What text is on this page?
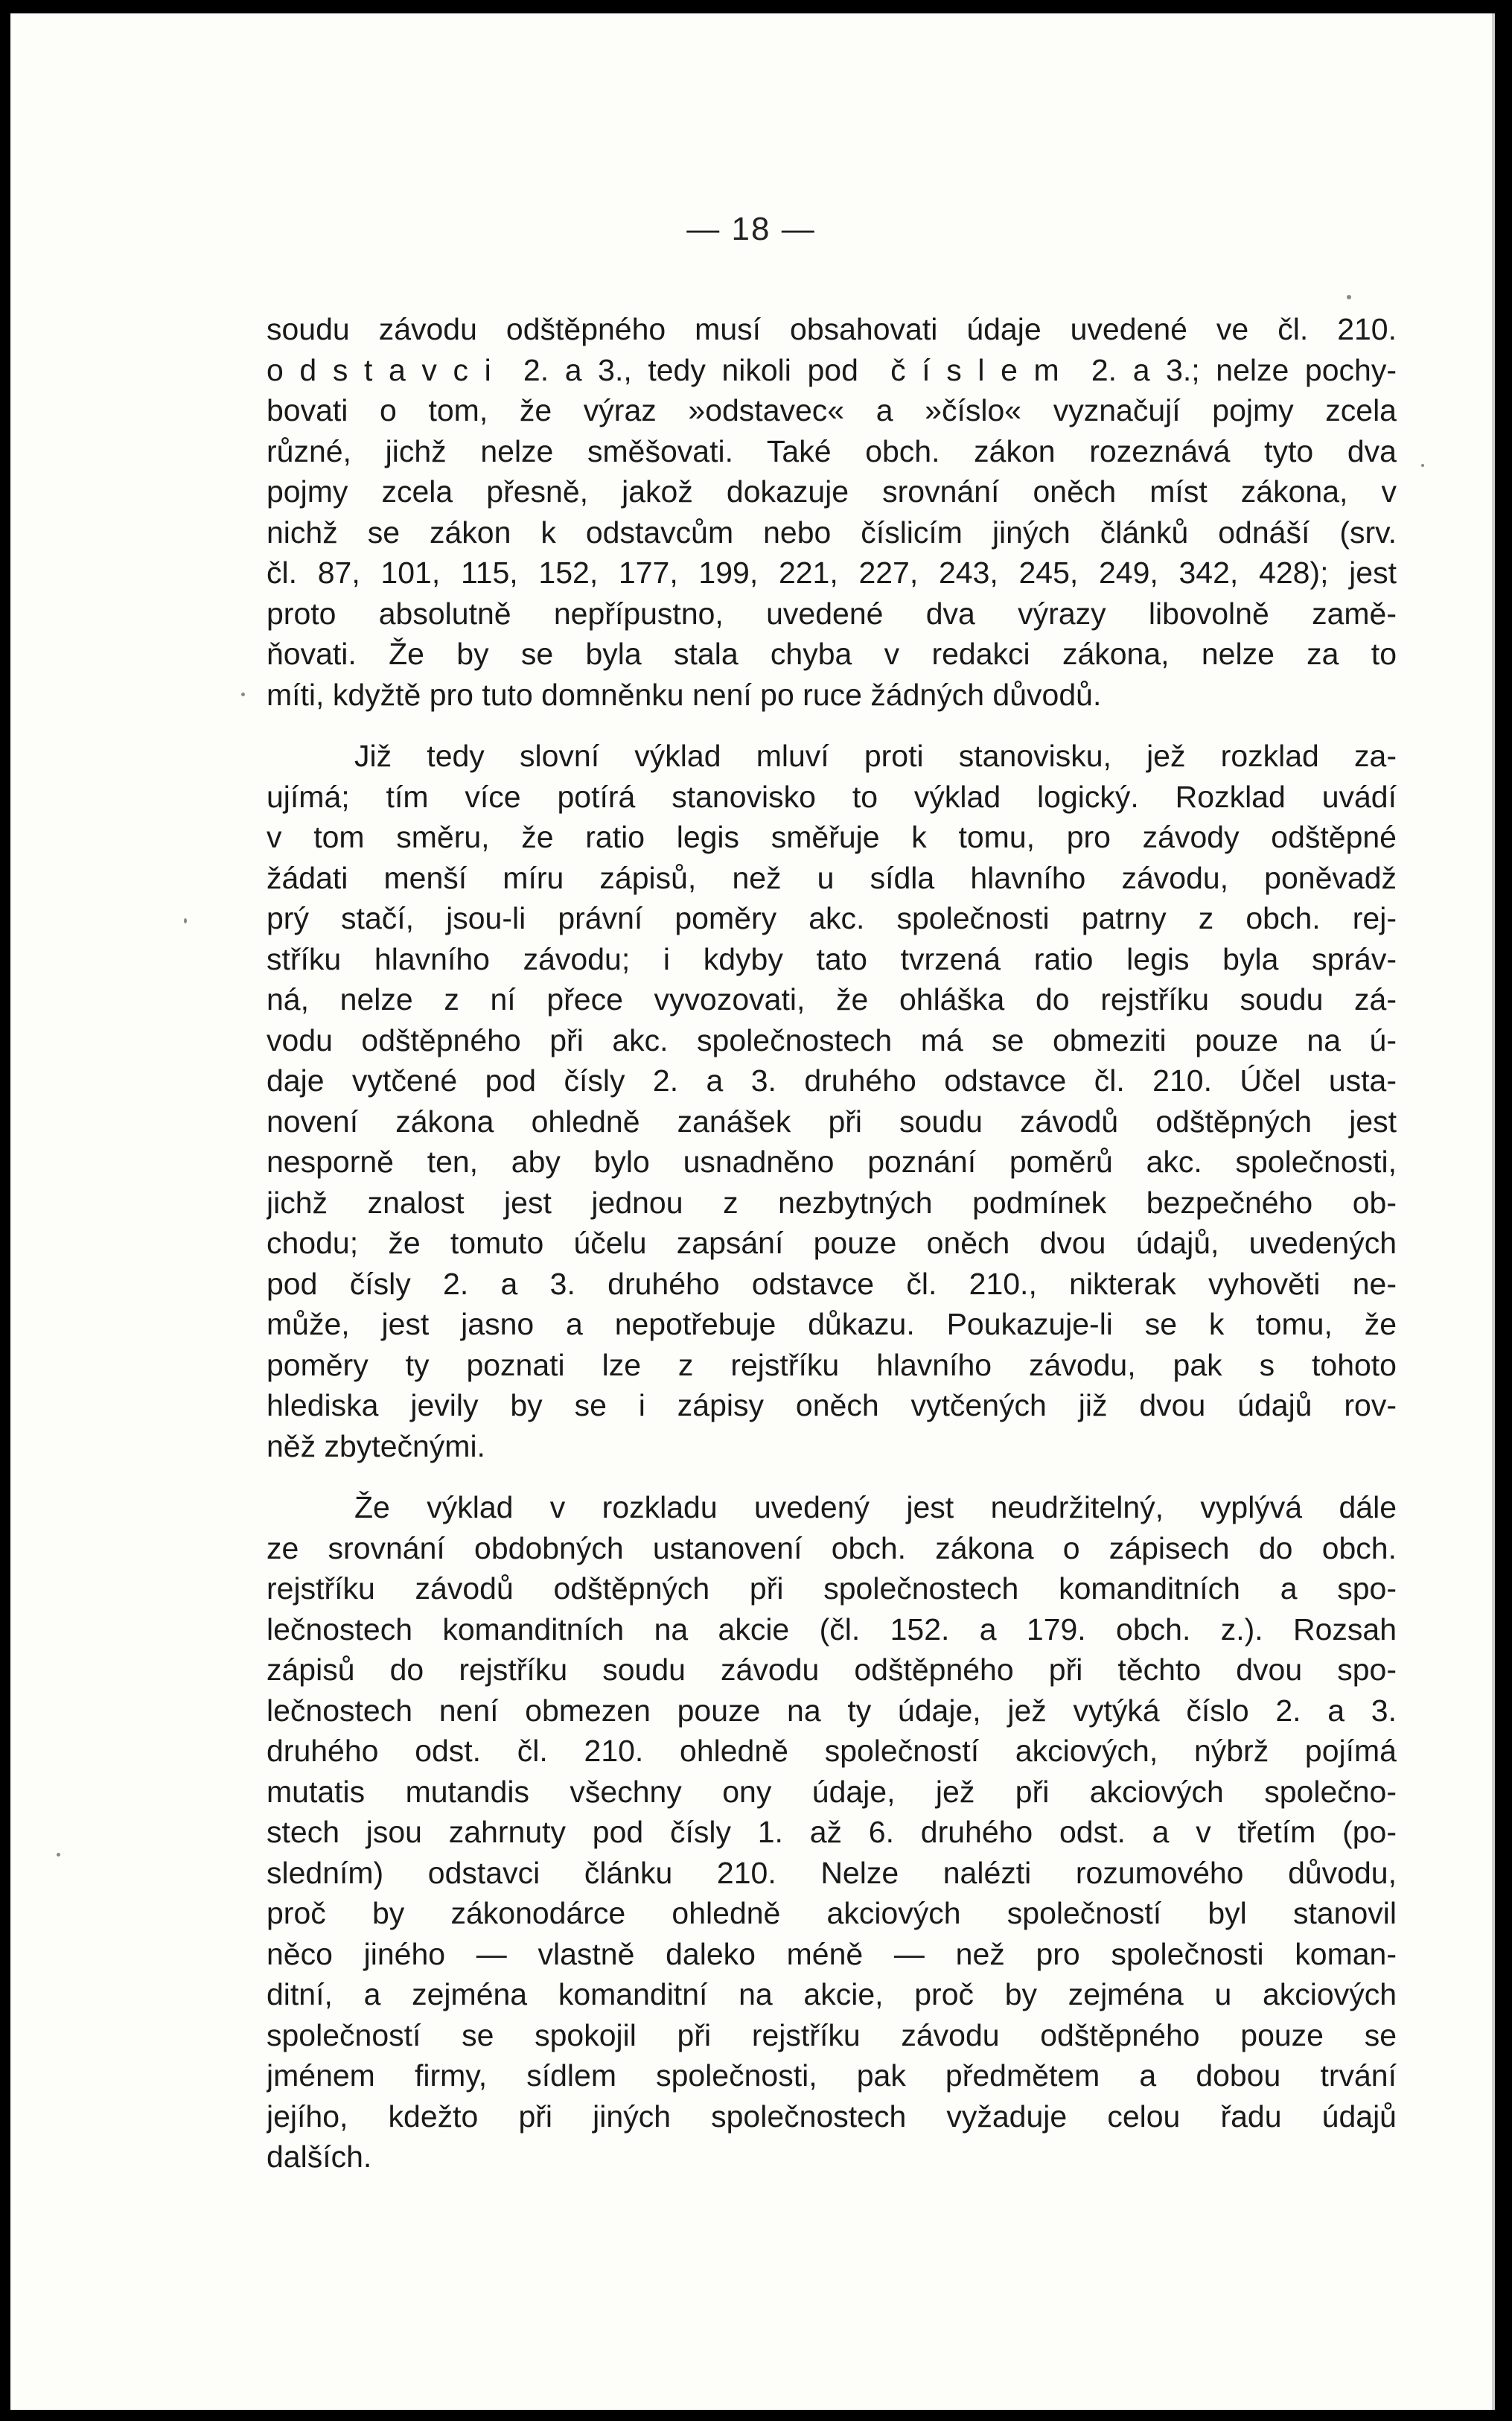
— 18 —
soudu závodu odštěpného musí obsahovati údaje uvedené ve čl. 210.
o d s t a v c i  2. a 3., tedy nikoli pod  č í s l e m  2. a 3.; nelze pochy-
bovati o tom, že výraz »odstavec« a »číslo« vyznačují pojmy zcela
různé, jichž nelze směšovati. Také obch. zákon rozeznává tyto dva
pojmy zcela přesně, jakož dokazuje srovnání oněch míst zákona, v
nichž se zákon k odstavcům nebo číslicím jiných článků odnáší (srv.
čl. 87, 101, 115, 152, 177, 199, 221, 227, 243, 245, 249, 342, 428); jest
proto absolutně nepřípustno, uvedené dva výrazy libovolně zamě-
ňovati. Že by se byla stala chyba v redakci zákona, nelze za to
míti, kdyžtě pro tuto domněnku není po ruce žádných důvodů.
Již tedy slovní výklad mluví proti stanovisku, jež rozklad za-
ujímá; tím více potírá stanovisko to výklad logický. Rozklad uvádí
v tom směru, že ratio legis směřuje k tomu, pro závody odštěpné
žádati menší míru zápisů, než u sídla hlavního závodu, poněvadž
prý stačí, jsou-li právní poměry akc. společnosti patrny z obch. rej-
stříku hlavního závodu; i kdyby tato tvrzená ratio legis byla správ-
ná, nelze z ní přece vyvozovati, že ohláška do rejstříku soudu zá-
vodu odštěpného při akc. společnostech má se obmeziti pouze na ú-
daje vytčené pod čísly 2. a 3. druhého odstavce čl. 210. Účel usta-
novení zákona ohledně zanášek při soudu závodů odštěpných jest
nesporně ten, aby bylo usnadněno poznání poměrů akc. společnosti,
jichž znalost jest jednou z nezbytných podmínek bezpečného ob-
chodu; že tomuto účelu zapsání pouze oněch dvou údajů, uvedených
pod čísly 2. a 3. druhého odstavce čl. 210., nikterak vyhověti ne-
může, jest jasno a nepotřebuje důkazu. Poukazuje-li se k tomu, že
poměry ty poznati lze z rejstříku hlavního závodu, pak s tohoto
hlediska jevily by se i zápisy oněch vytčených již dvou údajů rov-
něž zbytečnými.
Že výklad v rozkladu uvedený jest neudržitelný, vyplývá dále
ze srovnání obdobných ustanovení obch. zákona o zápisech do obch.
rejstříku závodů odštěpných při společnostech komanditních a spo-
lečnostech komanditních na akcie (čl. 152. a 179. obch. z.). Rozsah
zápisů do rejstříku soudu závodu odštěpného při těchto dvou spo-
lečnostech není obmezen pouze na ty údaje, jež vytýká číslo 2. a 3.
druhého odst. čl. 210. ohledně společností akciových, nýbrž pojímá
mutatis mutandis všechny ony údaje, jež při akciových společno-
stech jsou zahrnuty pod čísly 1. až 6. druhého odst. a v třetím (po-
sledním) odstavci článku 210. Nelze nalézti rozumového důvodu,
proč by zákonodárce ohledně akciových společností byl stanovil
něco jiného — vlastně daleko méně — než pro společnosti koman-
ditní, a zejména komanditní na akcie, proč by zejména u akciových
společností se spokojil při rejstříku závodu odštěpného pouze se
jménem firmy, sídlem společnosti, pak předmětem a dobou trvání
jejího, kdežto při jiných společnostech vyžaduje celou řadu údajů
dalších.
